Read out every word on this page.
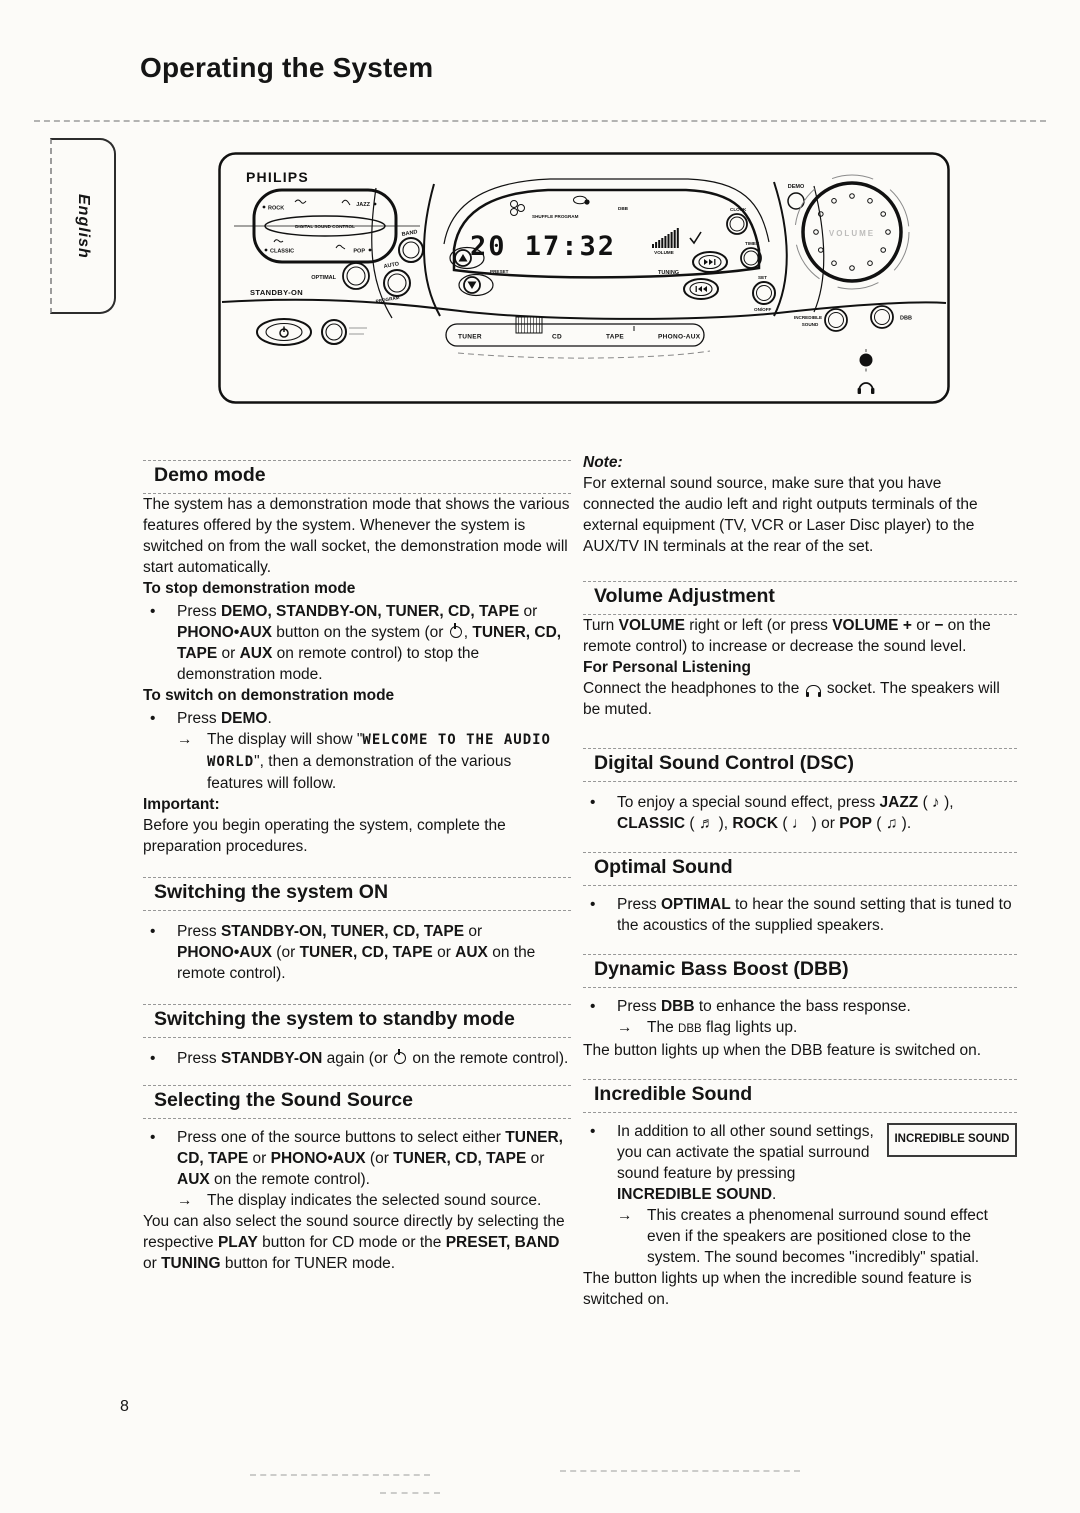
Operating the System
English
PHILIPS
DIGITAL SOUND CONTROL
ROCK
JAZZ
CLASSIC	POP
OPTIMAL
STANDBY-ON
BAND
AUTO
PROGRAM
PRESET
SHUFFLE PROGRAM
DBB
20 17:32	VOLUME
TUNING
DEMO
CLOCK
TIMER
SET
ON/OFF
VOLUME
TUNER	CD	TAPE	PHONO-AUX
INCREDIBLE
SOUND
DBB
Demo mode

The system has a demonstration mode that shows the various features offered by the system. Whenever the system is switched on from the wall socket, the demonstration mode will start automatically.

To stop demonstration mode

•	Press DEMO, STANDBY-ON, TUNER, CD, TAPE or PHONO•AUX button on the system (or , TUNER, CD, TAPE or AUX on remote control) to stop the demonstration mode.

To switch on demonstration mode

•	Press DEMO.

→ The display will show "WELCOME TO THE AUDIO WORLD", then a demonstration of the various features will follow.

Important:

Before you begin operating the system, complete the preparation procedures.

Switching the system ON
•	Press STANDBY-ON, TUNER, CD, TAPE or PHONO•AUX (or TUNER, CD, TAPE or AUX on the remote control).

Switching the system to standby mode
•	Press STANDBY-ON again (or  on the remote control).

Selecting the Sound Source
•	Press one of the source buttons to select either TUNER, CD, TAPE or PHONO•AUX (or TUNER, CD, TAPE or AUX on the remote control).

→ The display indicates the selected sound source.

You can also select the sound source directly by selecting the respective PLAY button for CD mode or the PRESET, BAND or TUNING button for TUNER mode.

Note:

For external sound source, make sure that you have connected the audio left and right outputs terminals of the external equipment (TV, VCR or Laser Disc player) to the AUX/TV IN terminals at the rear of the set.

Volume Adjustment

Turn VOLUME right or left (or press VOLUME + or − on the remote control) to increase or decrease the sound level.

For Personal Listening

Connect the headphones to the  socket. The speakers will be muted.

Digital Sound Control (DSC)
•	To enjoy a special sound effect, press JAZZ ( ♪ ), CLASSIC ( ♬ ), ROCK ( ♩ ) or POP ( ♫ ).

Optimal Sound
•	Press OPTIMAL to hear the sound setting that is tuned to the acoustics of the supplied speakers.

Dynamic Bass Boost (DBB)
•	Press DBB to enhance the bass response.

→ The DBB flag lights up.

The button lights up when the DBB feature is switched on.

Incredible Sound
INCREDIBLE SOUND
•	In addition to all other sound settings, you can activate the spatial surround sound feature by pressing INCREDIBLE SOUND.

→ This creates a phenomenal surround sound effect even if the speakers are positioned close to the system. The sound becomes "incredibly" spatial.

The button lights up when the incredible sound feature is switched on.

8
